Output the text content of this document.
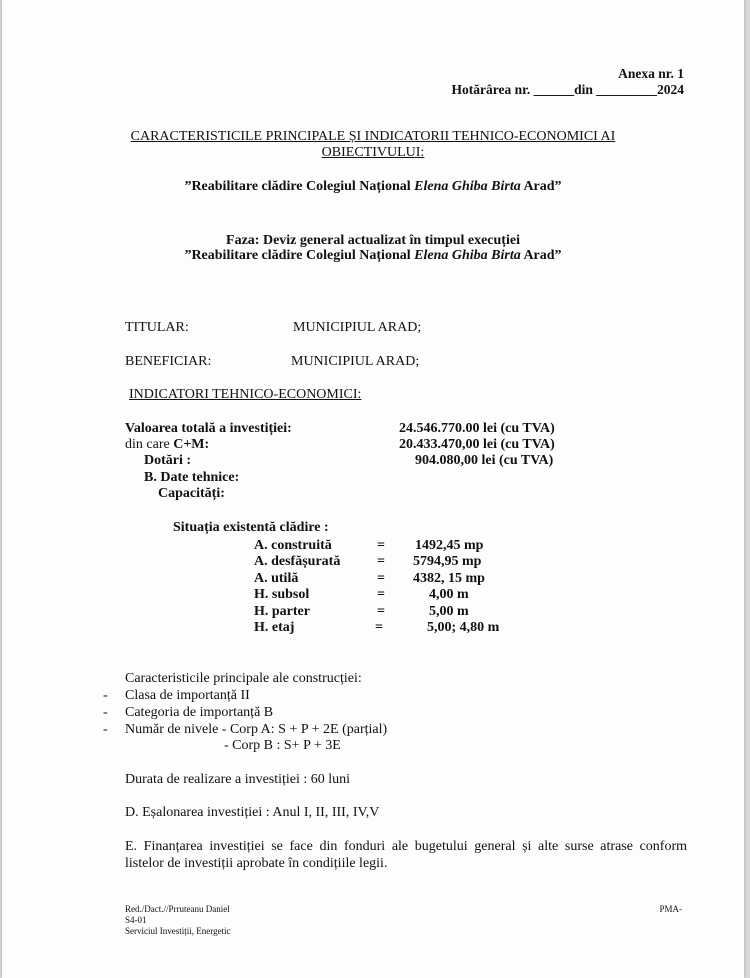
Anexa nr. 1
Hotărârea nr. ______din _________2024
CARACTERISTICILE PRINCIPALE ȘI INDICATORII TEHNICO-ECONOMICI AI
OBIECTIVULUI:
”Reabilitare clădire Colegiul Național Elena Ghiba Birta Arad”
Faza: Deviz general actualizat în timpul execuției
”Reabilitare clădire Colegiul Național Elena Ghiba Birta Arad”
TITULAR:	MUNICIPIUL ARAD;
BENEFICIAR:	MUNICIPIUL ARAD;
INDICATORI TEHNICO-ECONOMICI:
Valoarea totală a investiției:	24.546.770.00 lei (cu TVA)
din care C+M:	20.433.470,00 lei (cu TVA)
Dotări :	904.080,00 lei (cu TVA)
B. Date tehnice:
Capacități:
Situația existentă clădire :
A. construită	=	1492,45 mp
A. desfășurată	=	5794,95 mp
A. utilă	=	4382, 15 mp
H. subsol	=	4,00 m
H. parter	=	5,00 m
H. etaj	=	5,00; 4,80 m
Caracteristicile principale ale construcției:
- Clasa de importanță II
- Categoria de importanță B
- Număr de nivele - Corp A: S + P + 2E (parțial)
- Corp B : S+ P + 3E
Durata de realizare a investiției : 60 luni
D. Eșalonarea investiției : Anul I, II, III, IV,V
E. Finanțarea investiției se face din fonduri ale bugetului general și alte surse atrase conform
listelor de investiții aprobate în condițiile legii.
Red./Dact.//Prruteanu Daniel
S4-01
Serviciul Investiții, Energetic
PMA-
